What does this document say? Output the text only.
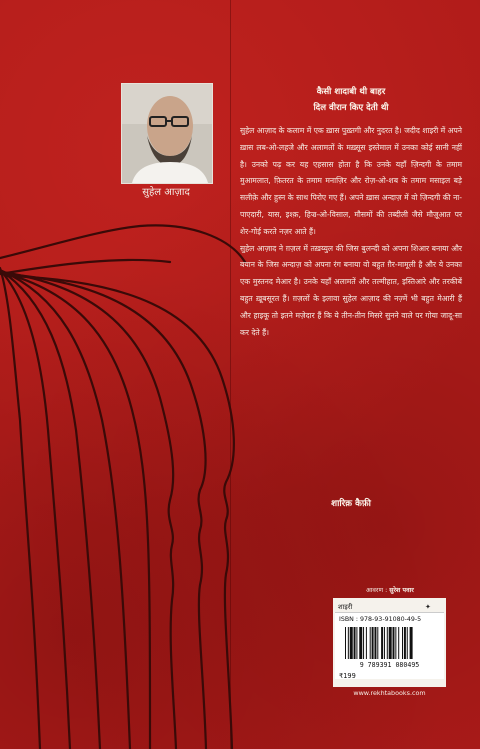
सुहेल आज़ाद
कैसी शादाबी थी बाहर
दिल वीरान किए देती थी

सुहेल आज़ाद के कलाम में एक ख़ास पुख़्तगी और नुदरत है। जदीद शाइरी में अपने ख़ास लब-ओ-लहजे और अलामतों के मख़्सूस इस्तेमाल में उनका कोई सानी नहीं है। उनको पढ़ कर यह एहसास होता है कि उनके यहाँ ज़िन्दगी के तमाम मुआमलात, फ़ितरत के तमाम मनाज़िर और रोज़-ओ-शब के तमाम मसाइल बड़े सलीक़े और हुस्न के साथ पिरोए गए हैं। अपने ख़ास अन्दाज़ में वो ज़िन्दगी की ना- पाएदारी, यास, इश्क़, हिज्र-ओ-विसाल, मौसमों की तब्दीली जैसे मौज़ूआत पर शेर-गोई करते नज़र आते हैं।

सुहेल आज़ाद ने ग़ज़ल में तख़य्युल की जिस बुलन्दी को अपना शिआर बनाया और बयान के जिस अन्दाज़ को अपना रंग बनाया वो बहुत ग़ैर-मामूली है और ये उनका एक मुस्तनद मेआर है। उनके यहाँ अलामतें और तल्मीहात, इस्तिआरे और तरकीबें बहुत ख़ूबसूरत हैं। ग़ज़लों के इलावा सुहेल आज़ाद की नज़्में भी बहुत मेआरी हैं और हाइकू तो इतने मज़ेदार हैं कि ये तीन-तीन मिसरे सुनने वाले पर गोया जादू-सा कर देते हैं।

शारिक़ कैफ़ी
आवरण : सुरेश पवार
शाइरी	✦
ISBN : 978-93-91080-49-5
9 789391 080495
₹199
www.rekhtabooks.com
